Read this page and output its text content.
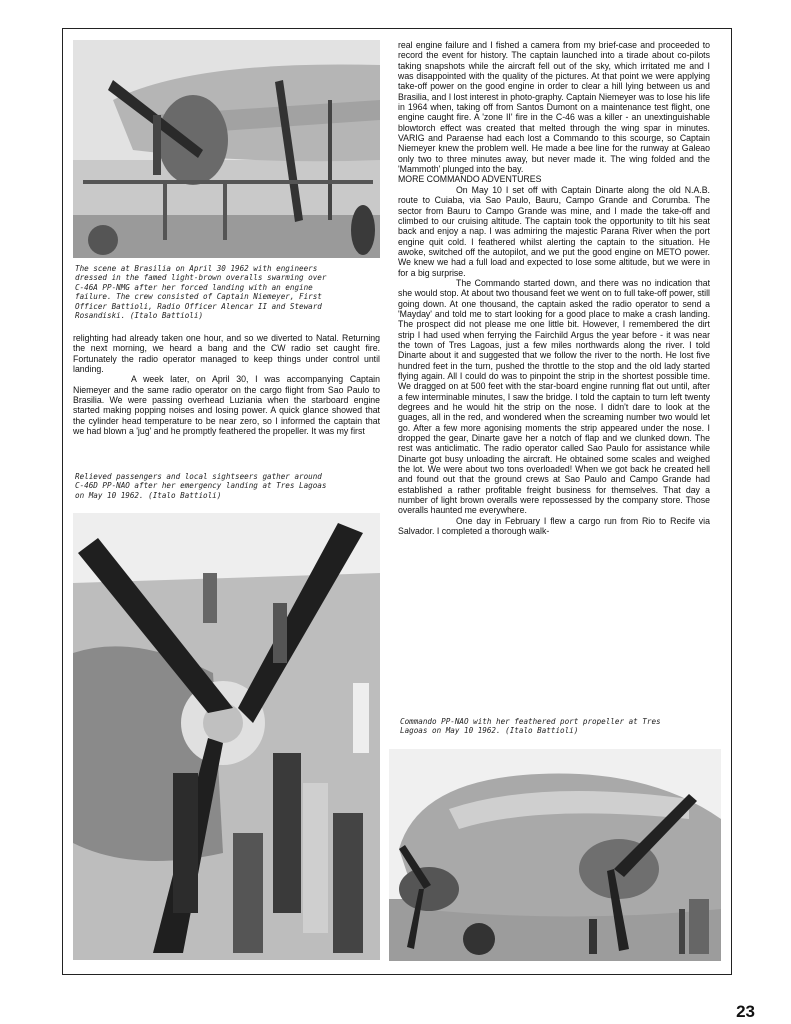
The scene at Brasilia on April 30 1962 with engineers
dressed in the famed light-brown overalls swarming over
C-46A PP-NMG after her forced landing with an engine
failure. The crew consisted of Captain Niemeyer, First
Officer Battioli, Radio Officer Alencar II and Steward
Rosandiski. (Italo Battioli)

relighting had already taken one hour, and so we diverted to Natal. Returning the next morning, we heard a bang and the CW radio set caught fire. Fortunately the radio operator managed to keep things under control until landing.

A week later, on April 30, I was accompanying Captain Niemeyer and the same radio operator on the cargo flight from Sao Paulo to Brasilia. We were passing overhead Luziania when the starboard engine started making popping noises and losing power. A quick glance showed that the cylinder head temperature to be near zero, so I informed the captain that we had blown a 'jug' and he promptly feathered the propeller. It was my first

Relieved passengers and local sightseers gather around
C-46D PP-NAO after her emergency landing at Tres Lagoas
on May 10 1962. (Italo Battioli)

real engine failure and I fished a camera from my brief-case and proceeded to record the event for history. The captain launched into a tirade about co-pilots taking snapshots while the aircraft fell out of the sky, which irritated me and I was disappointed with the quality of the pictures. At that point we were applying take-off power on the good engine in order to clear a hill lying between us and Brasilia, and I lost interest in photo-graphy. Captain Niemeyer was to lose his life in 1964 when, taking off from Santos Dumont on a maintenance test flight, one engine caught fire. A 'zone II' fire in the C-46 was a killer - an unextinguishable blowtorch effect was created that melted through the wing spar in minutes. VARIG and Paraense had each lost a Commando to this scourge, so Captain Niemeyer knew the problem well. He made a bee line for the runway at Galeao only two to three minutes away, but never made it. The wing folded and the 'Mammoth' plunged into the bay.

MORE COMMANDO ADVENTURES

On May 10 I set off with Captain Dinarte along the old N.A.B. route to Cuiaba, via Sao Paulo, Bauru, Campo Grande and Corumba. The sector from Bauru to Campo Grande was mine, and I made the take-off and climbed to our cruising altitude. The captain took the opportunity to tilt his seat back and enjoy a nap. I was admiring the majestic Parana River when the port engine quit cold. I feathered whilst alerting the captain to the situation. He awoke, switched off the autopilot, and we put the good engine on METO power. We knew we had a full load and expected to lose some altitude, but we were in for a big surprise.

The Commando started down, and there was no indication that she would stop. At about two thousand feet we went on to full take-off power, still going down. At one thousand, the captain asked the radio operator to send a 'Mayday' and told me to start looking for a good place to make a crash landing. The prospect did not please me one little bit. However, I remembered the dirt strip I had used when ferrying the Fairchild Argus the year before - it was near the town of Tres Lagoas, just a few miles northwards along the river. I told Dinarte about it and suggested that we follow the river to the north. He lost five hundred feet in the turn, pushed the throttle to the stop and the old lady started flying again. All I could do was to pinpoint the strip in the shortest possible time. We dragged on at 500 feet with the star-board engine running flat out until, after a few interminable minutes, I saw the bridge. I told the captain to turn left twenty degrees and he would hit the strip on the nose. I didn't dare to look at the guages, all in the red, and wondered when the screaming number two would let go. After a few more agonising moments the strip appeared under the nose. I dropped the gear, Dinarte gave her a notch of flap and we clunked down. The rest was anticlimatic. The radio operator called Sao Paulo for assistance while Dinarte got busy unloading the aircraft. He obtained some scales and weighed the lot. We were about two tons overloaded! When we got back he created hell and found out that the ground crews at Sao Paulo and Campo Grande had established a rather profitable freight business for themselves. That day a number of light brown overalls were repossessed by the company store. Those overalls haunted me everywhere.

One day in February I flew a cargo run from Rio to Recife via Salvador. I completed a thorough walk-

Commando PP-NAO with her feathered port propeller at Tres
Lagoas on May 10 1962. (Italo Battioli)

23
